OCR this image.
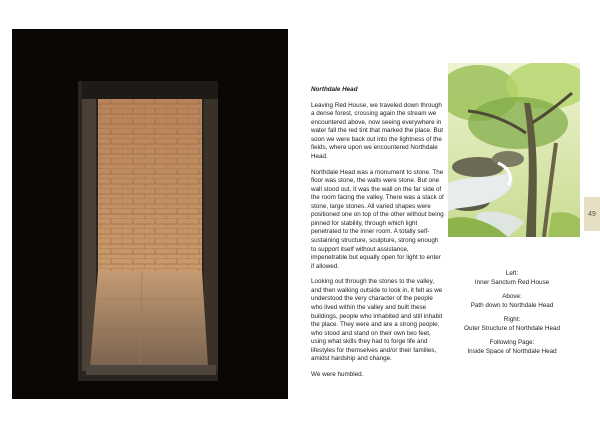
Northdale Head

Leaving Red House, we traveled down through a dense forest, crossing again the stream we encountered above, now seeing everywhere in water fall the red tint that marked the place. But soon we were back out into the lightness of the fields, where upon we encountered Northdale Head.

Northdale Head was a monument to stone. The floor was stone, the walls were stone. But one wall stood out. It was the wall on the far side of the room facing the valley. There was a stack of stone, large stones. All varied shapes were positioned one on top of the other without being pinned for stability, through which light penetrated to the inner room. A totally self-sustaining structure, sculpture, strong enough to support itself without assistance, impenetrable but equally open for light to enter if allowed.

Looking out through the stones to the valley, and then walking outside to look in, it felt as we understood the very character of the people who lived within the valley and built these buildings, people who inhabited and still inhabit the place. They were and are a strong people, who stood and stand on their own two feet, using what skills they had to forge life and lifestyles for themselves and/or their families, amidst hardship and change.

We were humbled.

49
Left:
Inner Sanctum Red House
Above:
Path down to Northdale Head
Right:
Outer Structure of Northdale Head
Following Page:
Inside Space of Northdale Head
